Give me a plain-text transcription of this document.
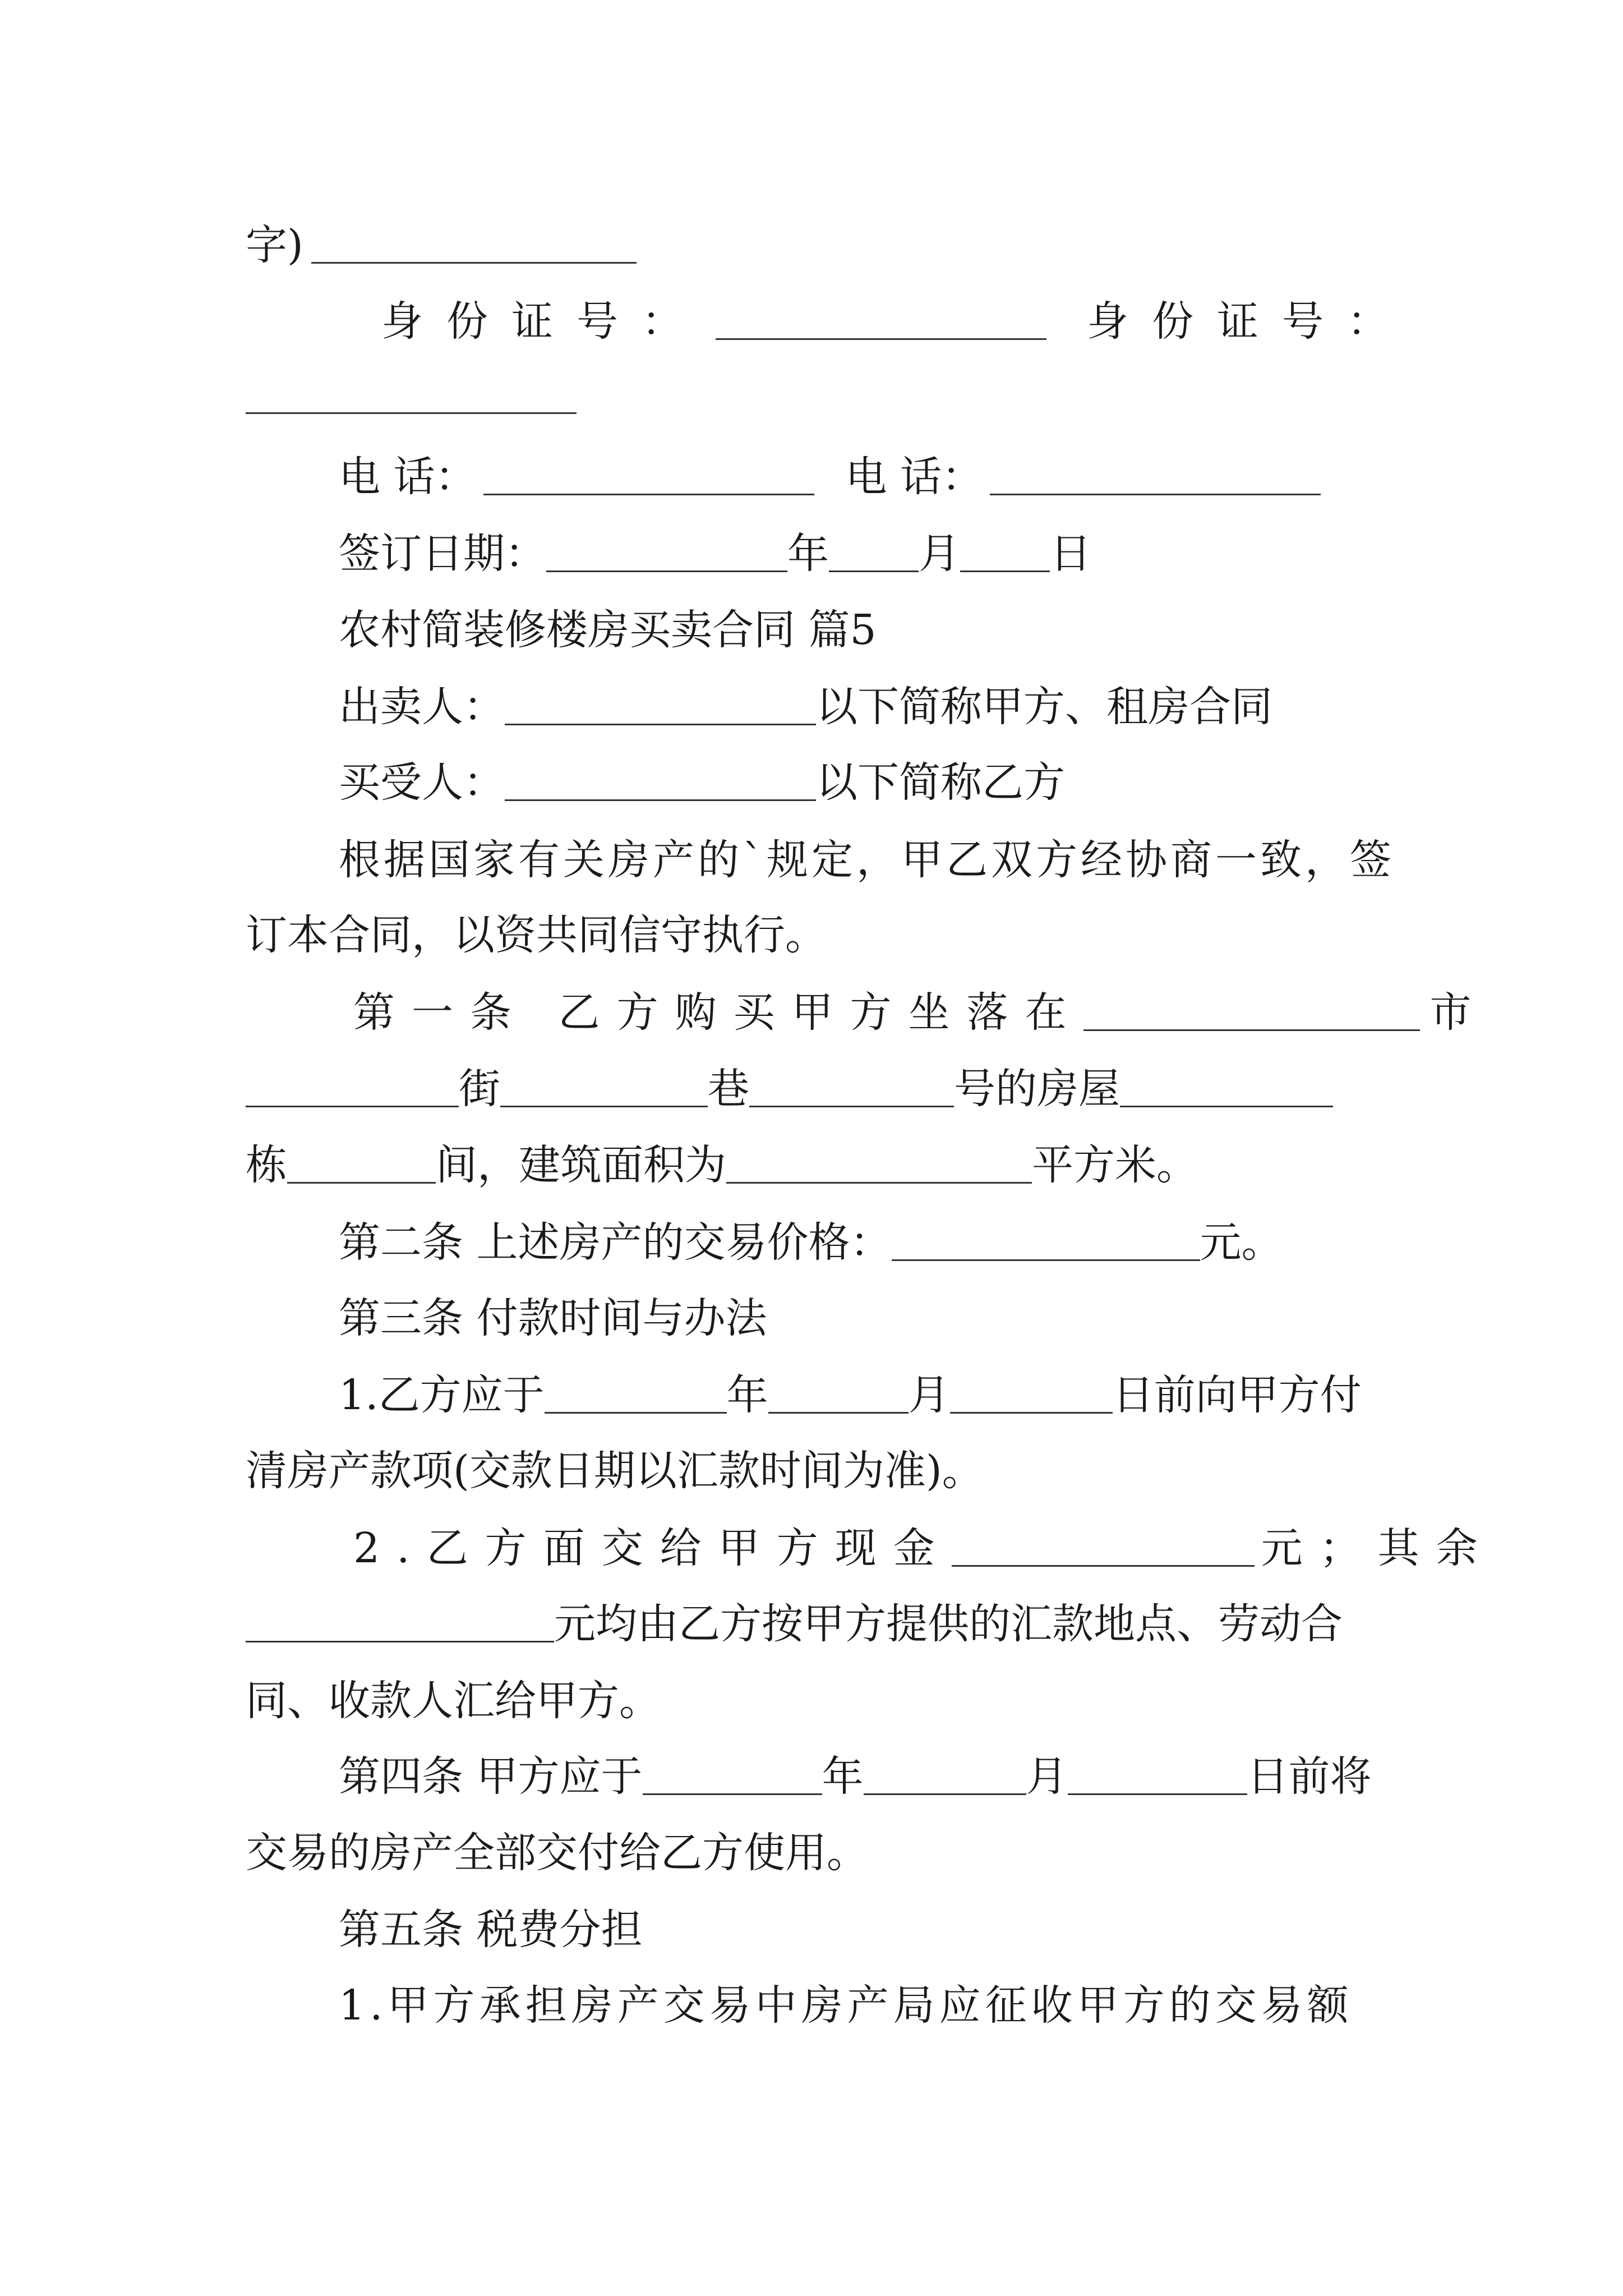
字)
身份证号：	身份证号：
电 话：	电 话：
签订日期：	年 月 日
农村简装修楼房买卖合同 篇5
出卖人：	以下简称甲方、租房合同
买受人：	以下简称乙方
根据国家有关房产的`规定，甲乙双方经协商一致，签
订本合同，以资共同信守执行。
第一条 乙方购买甲方坐落在	市
街	巷	号的房屋
栋	间，建筑面积为	平方米。
第二条 上述房产的交易价格：	元。
第三条 付款时间与办法
1.乙方应于	年	月	日前向甲方付
清房产款项(交款日期以汇款时间为准)。
2.乙方面交给甲方现金	元；其余
元均由乙方按甲方提供的汇款地点、劳动合
同、收款人汇给甲方。
第四条 甲方应于	年	月	日前将
交易的房产全部交付给乙方使用。
第五条 税费分担
1.甲方承担房产交易中房产局应征收甲方的交易额
